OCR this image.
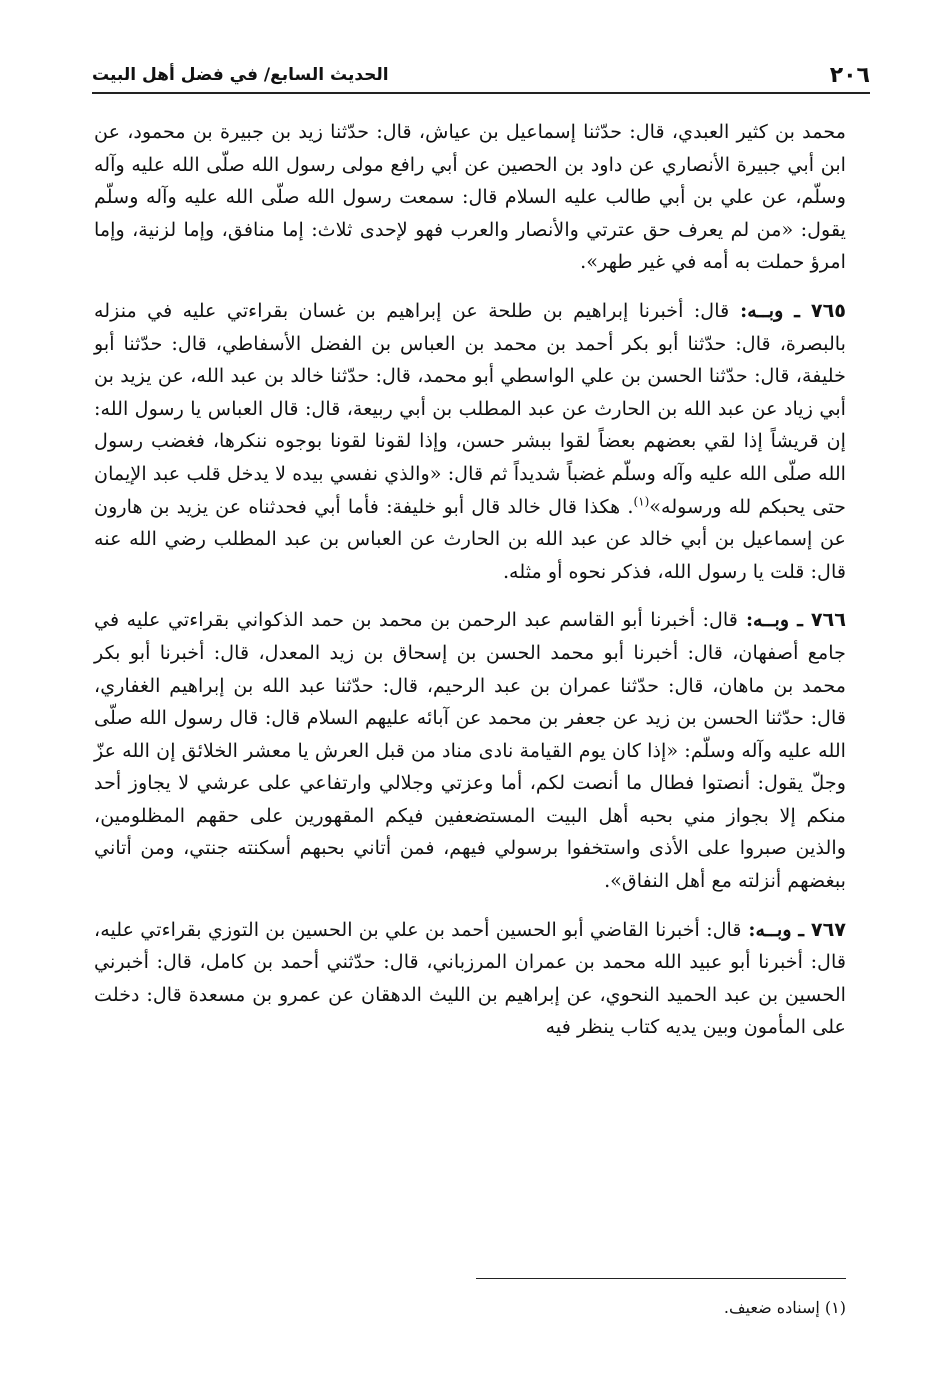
٢٠٦
الحديث السابع/ في فضل أهل البيت

محمد بن كثير العبدي، قال: حدّثنا إسماعيل بن عياش، قال: حدّثنا زيد بن جبيرة بن محمود، عن ابن أبي جبيرة الأنصاري عن داود بن الحصين عن أبي رافع مولى رسول الله صلّى الله عليه وآله وسلّم، عن علي بن أبي طالب عليه السلام قال: سمعت رسول الله صلّى الله عليه وآله وسلّم يقول: «من لم يعرف حق عترتي والأنصار والعرب فهو لإحدى ثلاث: إما منافق، وإما لزنية، وإما امرؤ حملت به أمه في غير طهر».

٧٦٥ ـ وبــه: قال: أخبرنا إبراهيم بن طلحة عن إبراهيم بن غسان بقراءتي عليه في منزله بالبصرة، قال: حدّثنا أبو بكر أحمد بن محمد بن العباس بن الفضل الأسفاطي، قال: حدّثنا أبو خليفة، قال: حدّثنا الحسن بن علي الواسطي أبو محمد، قال: حدّثنا خالد بن عبد الله، عن يزيد بن أبي زياد عن عبد الله بن الحارث عن عبد المطلب بن أبي ربيعة، قال: قال العباس يا رسول الله: إن قريشاً إذا لقي بعضهم بعضاً لقوا ببشر حسن، وإذا لقونا لقونا بوجوه ننكرها، فغضب رسول الله صلّى الله عليه وآله وسلّم غضباً شديداً ثم قال: «والذي نفسي بيده لا يدخل قلب عبد الإيمان حتى يحبكم لله ورسوله»$^{(١)}$. هكذا قال خالد قال أبو خليفة: فأما أبي فحدثناه عن يزيد بن هارون عن إسماعيل بن أبي خالد عن عبد الله بن الحارث عن العباس بن عبد المطلب رضي الله عنه قال: قلت يا رسول الله، فذكر نحوه أو مثله.

٧٦٦ ـ وبــه: قال: أخبرنا أبو القاسم عبد الرحمن بن محمد بن حمد الذكواني بقراءتي عليه في جامع أصفهان، قال: أخبرنا أبو محمد الحسن بن إسحاق بن زيد المعدل، قال: أخبرنا أبو بكر محمد بن ماهان، قال: حدّثنا عمران بن عبد الرحيم، قال: حدّثنا عبد الله بن إبراهيم الغفاري، قال: حدّثنا الحسن بن زيد عن جعفر بن محمد عن آبائه عليهم السلام قال: قال رسول الله صلّى الله عليه وآله وسلّم: «إذا كان يوم القيامة نادى مناد من قبل العرش يا معشر الخلائق إن الله عزّ وجلّ يقول: أنصتوا فطال ما أنصت لكم، أما وعزتي وجلالي وارتفاعي على عرشي لا يجاوز أحد منكم إلا بجواز مني بحبه أهل البيت المستضعفين فيكم المقهورين على حقهم المظلومين، والذين صبروا على الأذى واستخفوا برسولي فيهم، فمن أتاني بحبهم أسكنته جنتي، ومن أتاني ببغضهم أنزلته مع أهل النفاق».

٧٦٧ ـ وبــه: قال: أخبرنا القاضي أبو الحسين أحمد بن علي بن الحسين بن التوزي بقراءتي عليه، قال: أخبرنا أبو عبيد الله محمد بن عمران المرزباني، قال: حدّثني أحمد بن كامل، قال: أخبرني الحسين بن عبد الحميد النحوي، عن إبراهيم بن الليث الدهقان عن عمرو بن مسعدة قال: دخلت على المأمون وبين يديه كتاب ينظر فيه

(١) إسناده ضعيف.
